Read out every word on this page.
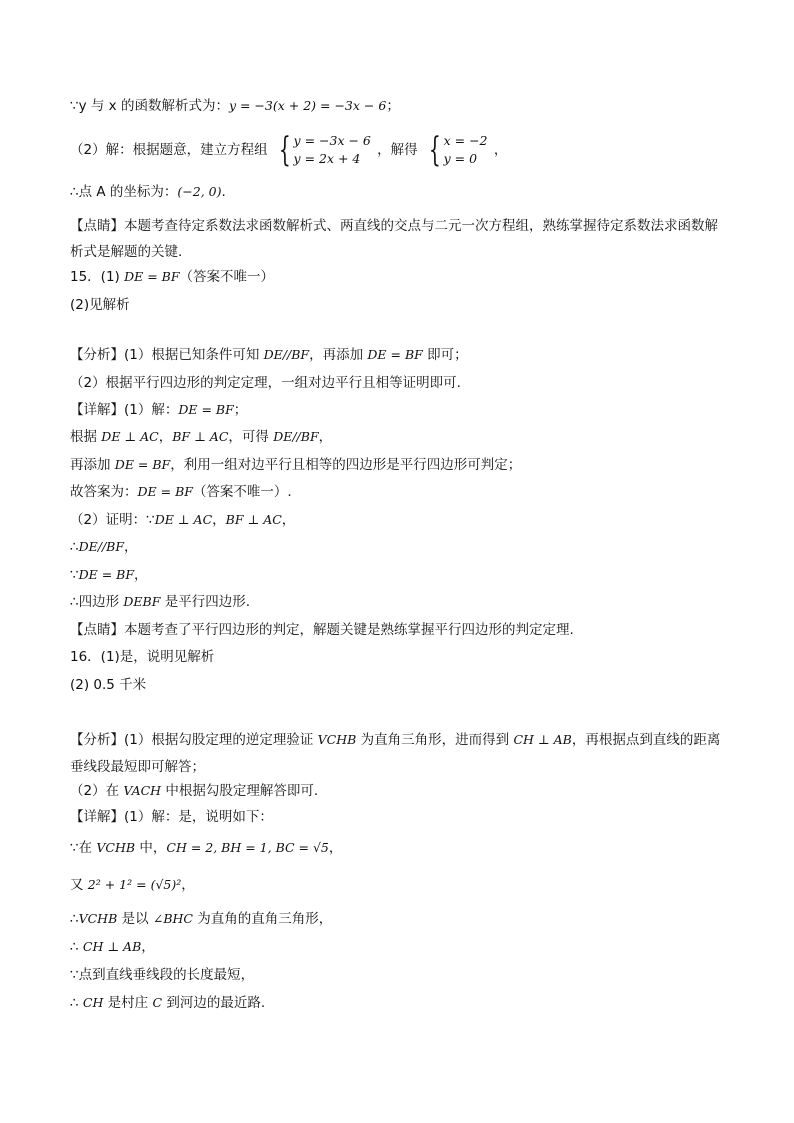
∵y 与 x 的函数解析式为：y = −3(x + 2) = −3x − 6；
（2）解：根据题意，建立方程组 { y = −3x − 6
y = 2x + 4
，解得 { x = −2
y = 0
，
∴点 A 的坐标为：(−2, 0).
【点睛】本题考查待定系数法求函数解析式、两直线的交点与二元一次方程组，熟练掌握待定系数法求函数解析式是解题的关键.
15．(1) DE = BF（答案不唯一）
(2)见解析
【分析】(1）根据已知条件可知 DE//BF，再添加 DE = BF 即可；
（2）根据平行四边形的判定定理，一组对边平行且相等证明即可.
【详解】(1）解：DE = BF；
根据 DE ⊥ AC，BF ⊥ AC，可得 DE//BF，
再添加 DE = BF，利用一组对边平行且相等的四边形是平行四边形可判定；
故答案为：DE = BF（答案不唯一）.
（2）证明：∵DE ⊥ AC，BF ⊥ AC，
∴DE//BF，
∵DE = BF，
∴四边形 DEBF 是平行四边形.
【点睛】本题考查了平行四边形的判定，解题关键是熟练掌握平行四边形的判定定理.
16．(1)是，说明见解析
(2) 0.5 千米
【分析】(1）根据勾股定理的逆定理验证 VCHB 为直角三角形，进而得到 CH ⊥ AB，再根据点到直线的距离垂线段最短即可解答；
（2）在 VACH 中根据勾股定理解答即可.
【详解】(1）解：是，说明如下：
∵在 VCHB 中，CH = 2, BH = 1, BC = √5，
又 2² + 1² = (√5)²，
∴VCHB 是以 ∠BHC 为直角的直角三角形，
∴ CH ⊥ AB，
∵点到直线垂线段的长度最短，
∴ CH 是村庄 C 到河边的最近路.
